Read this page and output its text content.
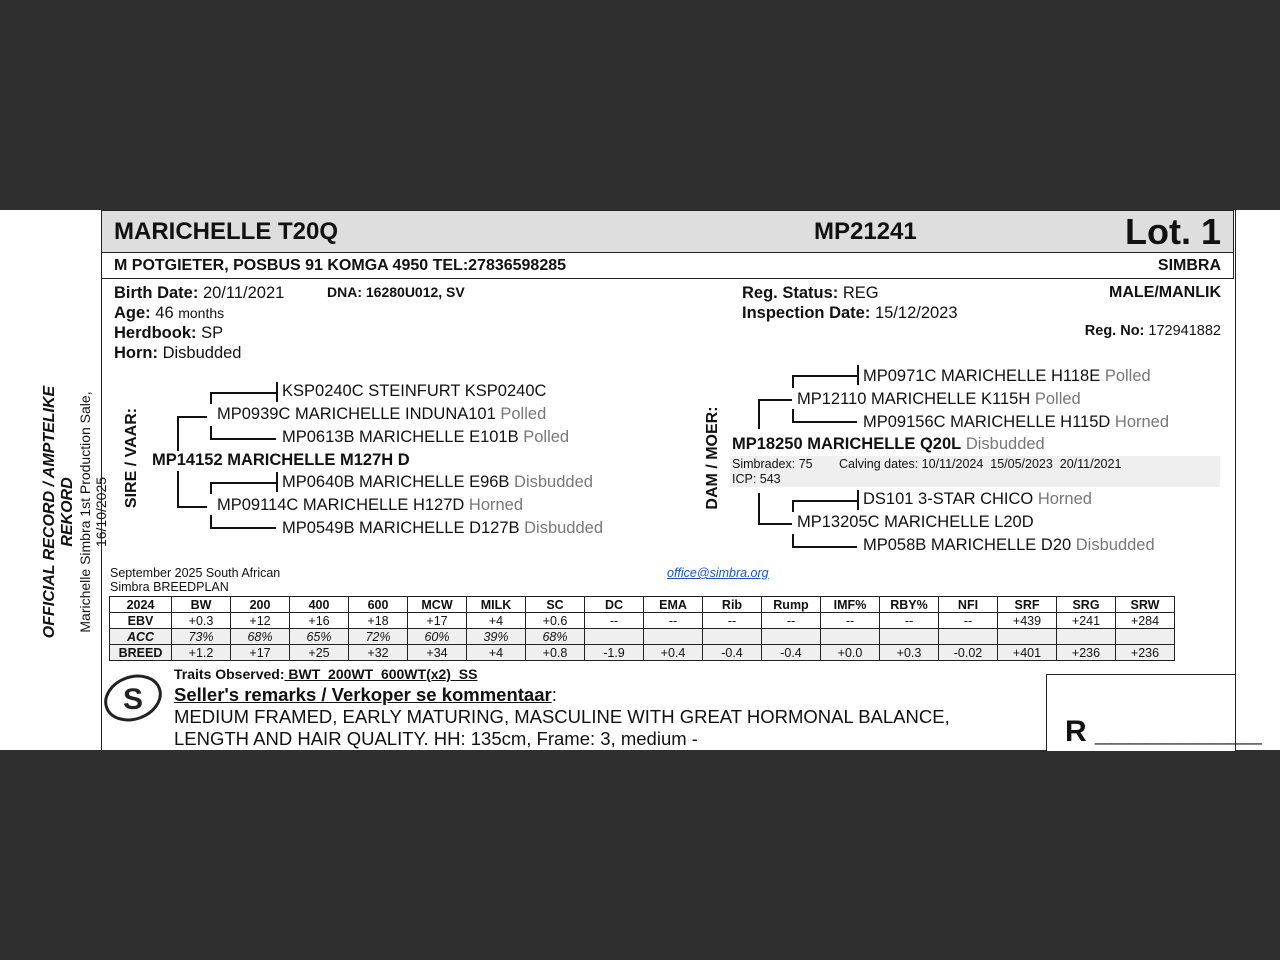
OFFICIAL RECORD / AMPTELIKE REKORD Marichelle Simbra 1st Production Sale, 16/10/2025
MARICHELLE T20Q	MP21241	Lot. 1
M POTGIETER, POSBUS 91 KOMGA 4950 TEL:27836598285	SIMBRA
Birth Date: 20/11/2021
Age: 46 months
Herdbook: SP
Horn: Disbudded
DNA: 16280U012, SV	Reg. Status: REG
Inspection Date: 15/12/2023
MALE/MANLIK
Reg. No: 172941882
SIRE / VAAR:
KSP0240C STEINFURT KSP0240C
MP0939C MARICHELLE INDUNA101 Polled
MP0613B MARICHELLE E101B Polled
MP14152 MARICHELLE M127H D
MP0640B MARICHELLE E96B Disbudded
MP09114C MARICHELLE H127D Horned
MP0549B MARICHELLE D127B Disbudded
DAM / MOER:
MP0971C MARICHELLE H118E Polled
MP12110 MARICHELLE K115H Polled
MP09156C MARICHELLE H115D Horned
MP18250 MARICHELLE Q20L Disbudded
Simbradex: 75 Calving dates: 10/11/2024  15/05/2023  20/11/2021
ICP: 543
DS101 3-STAR CHICO Horned
MP13205C MARICHELLE L20D
MP058B MARICHELLE D20 Disbudded
September 2025 South African
Simbra BREEDPLAN
office@simbra.org
2024	BW	200	400	600	MCW	MILK	SC	DC	EMA	Rib	Rump	IMF%	RBY%	NFI	SRF	SRG	SRW
EBV	+0.3	+12	+16	+18	+17	+4	+0.6	--	--	--	--	--	--	--	+439	+241	+284
ACC	73%	68%	65%	72%	60%	39%	68%										
BREED	+1.2	+17	+25	+32	+34	+4	+0.8	-1.9	+0.4	-0.4	-0.4	+0.0	+0.3	-0.02	+401	+236	+236
S
Traits Observed: BWT  200WT  600WT(x2)  SS
Seller's remarks / Verkoper se kommentaar:
MEDIUM FRAMED, EARLY MATURING, MASCULINE WITH GREAT HORMONAL BALANCE,
LENGTH AND HAIR QUALITY. HH: 135cm, Frame: 3, medium -	R __________
